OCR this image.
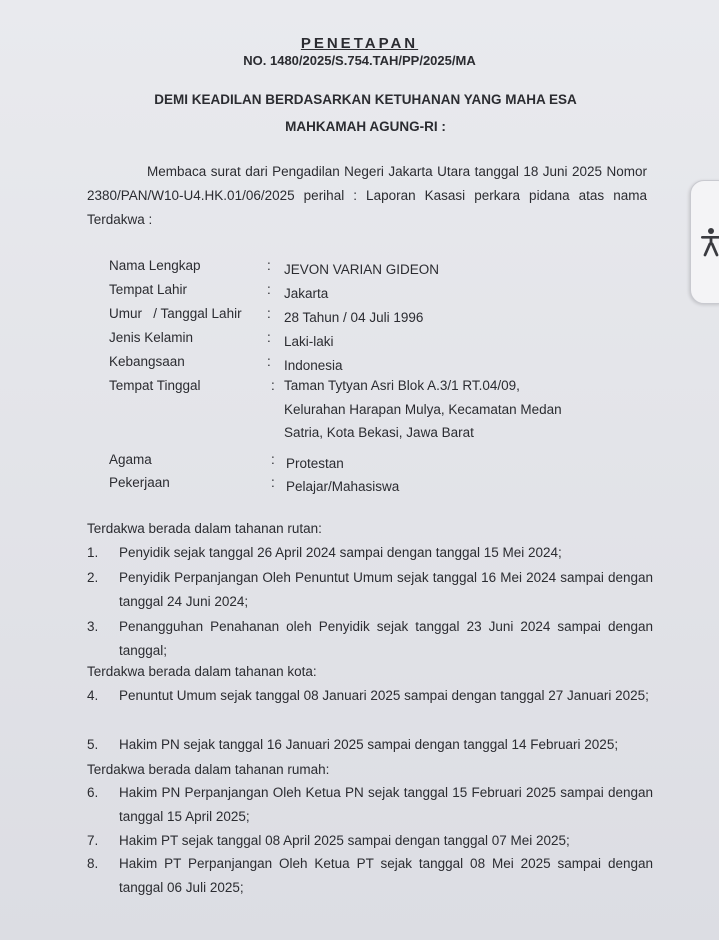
PENETAPAN
NO. 1480/2025/S.754.TAH/PP/2025/MA
DEMI KEADILAN BERDASARKAN KETUHANAN YANG MAHA ESA
MAHKAMAH AGUNG-RI :
Membaca surat dari Pengadilan Negeri Jakarta Utara tanggal 18 Juni 2025 Nomor 2380/PAN/W10-U4.HK.01/06/2025 perihal : Laporan Kasasi perkara pidana atas nama Terdakwa :
Nama Lengkap	: JEVON VARIAN GIDEON
Tempat Lahir	: Jakarta
Umur   / Tanggal Lahir	: 28 Tahun / 04 Juli 1996
Jenis Kelamin	: Laki-laki
Kebangsaan	: Indonesia
Tempat Tinggal	: Taman Tytyan Asri Blok A.3/1 RT.04/09, Kelurahan Harapan Mulya, Kecamatan Medan Satria, Kota Bekasi, Jawa Barat
Agama	: Protestan
Pekerjaan	: Pelajar/Mahasiswa
Terdakwa berada dalam tahanan rutan:
1. Penyidik sejak tanggal 26 April 2024 sampai dengan tanggal 15 Mei 2024;
2. Penyidik Perpanjangan Oleh Penuntut Umum sejak tanggal 16 Mei 2024 sampai dengan tanggal 24 Juni 2024;
3. Penangguhan Penahanan oleh Penyidik sejak tanggal 23 Juni 2024 sampai dengan tanggal;
Terdakwa berada dalam tahanan kota:
4. Penuntut Umum sejak tanggal 08 Januari 2025 sampai dengan tanggal 27 Januari 2025;
5. Hakim PN sejak tanggal 16 Januari 2025 sampai dengan tanggal 14 Februari 2025;
Terdakwa berada dalam tahanan rumah:
6. Hakim PN Perpanjangan Oleh Ketua PN sejak tanggal 15 Februari 2025 sampai dengan tanggal 15 April 2025;
7. Hakim PT sejak tanggal 08 April 2025 sampai dengan tanggal 07 Mei 2025;
8. Hakim PT Perpanjangan Oleh Ketua PT sejak tanggal 08 Mei 2025 sampai dengan tanggal 06 Juli 2025;
